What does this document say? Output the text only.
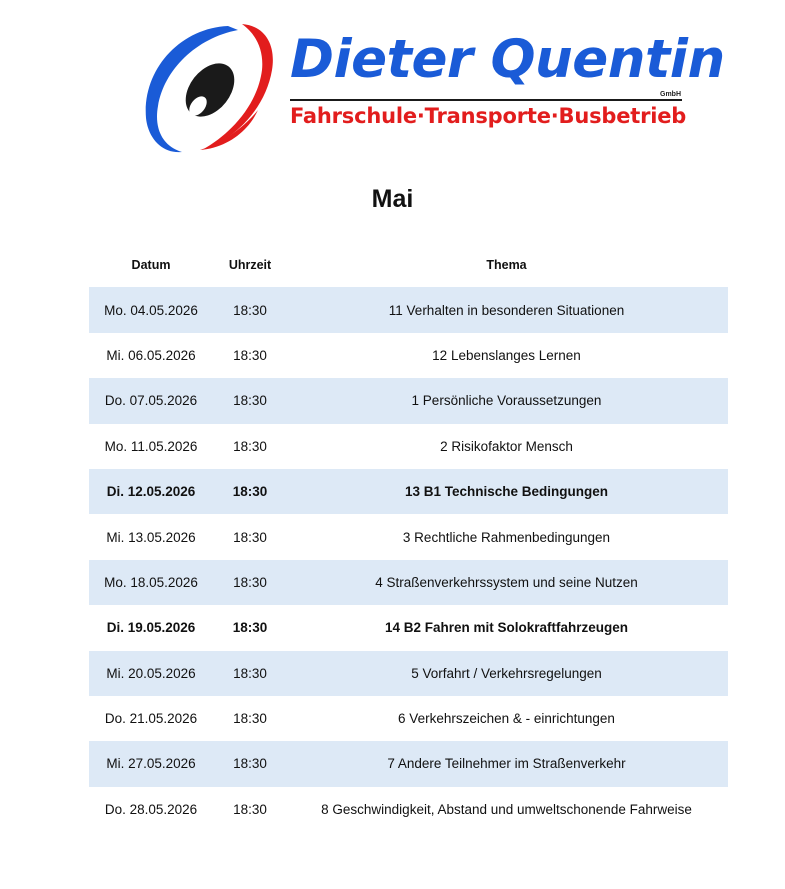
Dieter Quentin
GmbH
Fahrschule·Transporte·Busbetrieb
Mai
Datum	Uhrzeit	Thema
Mo. 04.05.2026	18:30	11 Verhalten in besonderen Situationen
Mi. 06.05.2026	18:30	12 Lebenslanges Lernen
Do. 07.05.2026	18:30	1 Persönliche Voraussetzungen
Mo. 11.05.2026	18:30	2 Risikofaktor Mensch
Di. 12.05.2026	18:30	13 B1 Technische Bedingungen
Mi. 13.05.2026	18:30	3 Rechtliche Rahmenbedingungen
Mo. 18.05.2026	18:30	4 Straßenverkehrssystem und seine Nutzen
Di. 19.05.2026	18:30	14 B2 Fahren mit Solokraftfahrzeugen
Mi. 20.05.2026	18:30	5 Vorfahrt / Verkehrsregelungen
Do. 21.05.2026	18:30	6 Verkehrszeichen & - einrichtungen
Mi. 27.05.2026	18:30	7 Andere Teilnehmer im Straßenverkehr
Do. 28.05.2026	18:30	8 Geschwindigkeit, Abstand und umweltschonende Fahrweise
